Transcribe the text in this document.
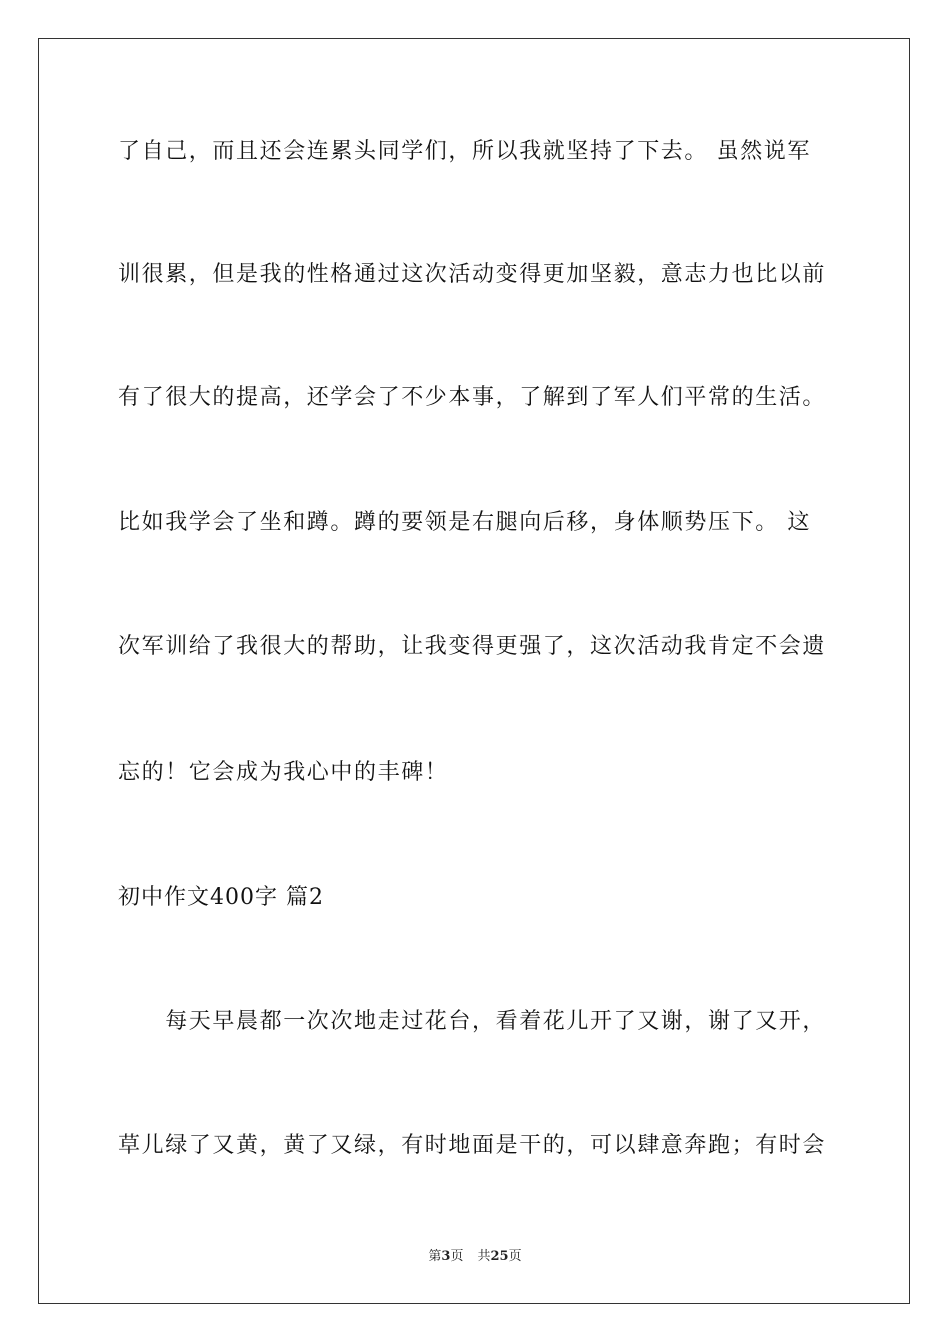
了自己，而且还会连累头同学们，所以我就坚持了下去。 虽然说军
训很累，但是我的性格通过这次活动变得更加坚毅，意志力也比以前
有了很大的提高，还学会了不少本事，了解到了军人们平常的生活。
比如我学会了坐和蹲。蹲的要领是右腿向后移，身体顺势压下。 这
次军训给了我很大的帮助，让我变得更强了，这次活动我肯定不会遗
忘的！它会成为我心中的丰碑！
初中作文400字 篇2
　　每天早晨都一次次地走过花台，看着花儿开了又谢，谢了又开，
草儿绿了又黄，黄了又绿，有时地面是干的，可以肆意奔跑；有时会
第3页 共25页
